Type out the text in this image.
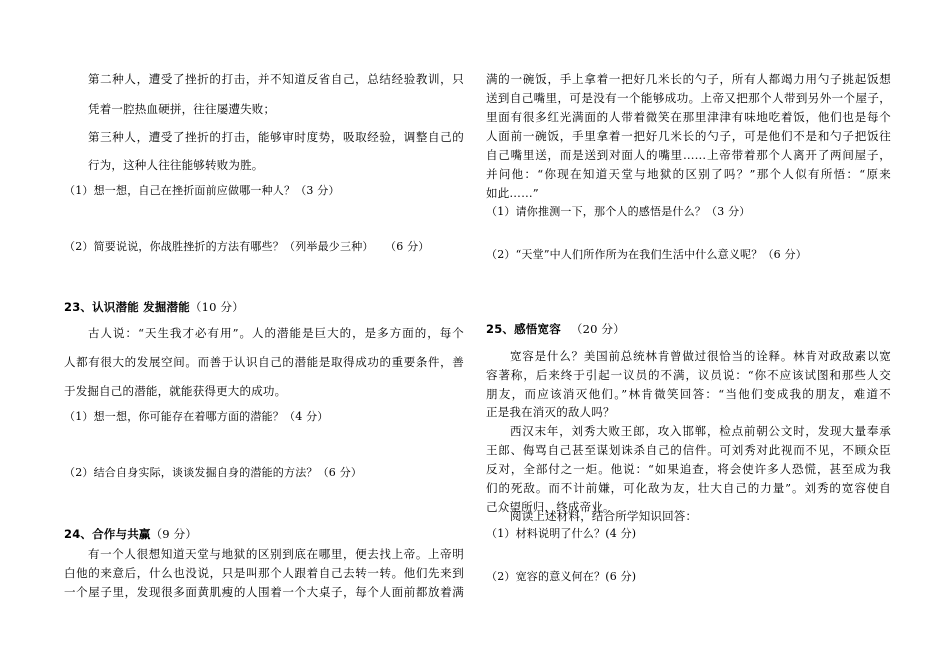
第二种人，遭受了挫折的打击，并不知道反省自己，总结经验教训，只
凭着一腔热血硬拼，往往屡遭失败；
第三种人，遭受了挫折的打击，能够审时度势，吸取经验，调整自己的
行为，这种人往往能够转败为胜。
（1）想一想，自己在挫折面前应做哪一种人？（3 分）
（2）简要说说，你战胜挫折的方法有哪些？（列举最少三种）　　（6 分）
23、认识潜能 发掘潜能（10 分）
古人说：“天生我才必有用”。人的潜能是巨大的，是多方面的，每个
人都有很大的发展空间。而善于认识自己的潜能是取得成功的重要条件，善
于发掘自己的潜能，就能获得更大的成功。
（1）想一想，你可能存在着哪方面的潜能？（4 分）
（2）结合自身实际，谈谈发掘自身的潜能的方法？（6 分）
24、合作与共赢（9 分）
有一个人很想知道天堂与地狱的区别到底在哪里，便去找上帝。上帝明
白他的来意后，什么也没说，只是叫那个人跟着自己去转一转。他们先来到
一个屋子里，发现很多面黄肌瘦的人围着一个大桌子，每个人面前都放着满
满的一碗饭，手上拿着一把好几米长的勺子，所有人都竭力用勺子挑起饭想
送到自己嘴里，可是没有一个能够成功。上帝又把那个人带到另外一个屋子，
里面有很多红光满面的人带着微笑在那里津津有味地吃着饭，他们也是每个
人面前一碗饭，手里拿着一把好几米长的勺子，可是他们不是和勺子把饭往
自己嘴里送，而是送到对面人的嘴里……上帝带着那个人离开了两间屋子，
并问他：“你现在知道天堂与地狱的区别了吗？”那个人似有所悟：“原来
如此……”
（1）请你推测一下，那个人的感悟是什么？（3 分）
（2）“天堂”中人们所作所为在我们生活中什么意义呢？（6 分）
25、感悟宽容 （20 分）
宽容是什么？美国前总统林肯曾做过很恰当的诠释。林肯对政敌素以宽
容著称，后来终于引起一议员的不满，议员说：“你不应该试图和那些人交
朋友，而应该消灭他们。”林肯微笑回答：“当他们变成我的朋友，难道不
正是我在消灭的敌人吗？
西汉末年，刘秀大败王郎，攻入邯郸，检点前朝公文时，发现大量奉承
王郎、侮骂自己甚至谋划诛杀自己的信件。可刘秀对此视而不见，不顾众臣
反对，全部付之一炬。他说：“如果追查，将会使许多人恐慌，甚至成为我
们的死敌。而不计前嫌，可化敌为友，壮大自己的力量”。刘秀的宽容使自
己众望所归，终成帝业。
阅读上述材料，结合所学知识回答：
（1）材料说明了什么？(4 分)
（2）宽容的意义何在？(6 分)
